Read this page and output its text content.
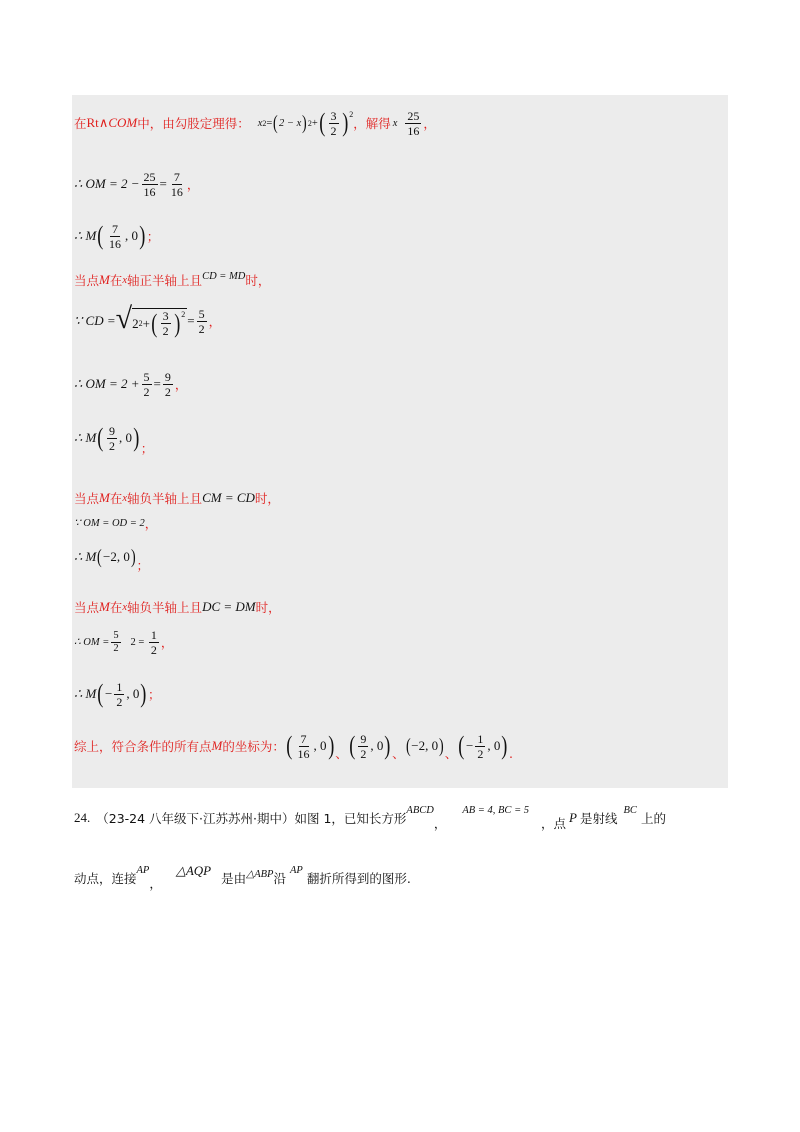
在 Rt ∧ COM 中，由勾股定理得： x 2 = ( 2 − x ) 2 + ( $\frac{3}{2}$ ) 2
，解得 x $\frac{25}{16}$ ，
∴ OM = $2 - \frac{25}{16} = \frac{7}{16}$ ，
∴ M ( $\frac{7}{16}$ , 0 ) ；
当点 M 在 x 轴正半轴上且 CD = MD 时，
∵ CD = √ 2 2 + ( $\frac{3}{2}$ ) $2 = \frac{5}{2}$ ，
∴ OM = $2 + \frac{5}{2} = \frac{9}{2}$ ，
∴ M ( $\frac{9}{2}$ , 0 ) ；
当点 M 在 x 轴负半轴上且 CM = CD 时，
∵ OM = OD = 2 ，
∴ M ( −2, 0 ) ；
当点 M 在 x 轴负半轴上且 DC = DM 时，
∴ OM = $\frac{5}{2} 2 = \frac{1}{2}$ ，
∴ M ( − $\frac{1}{2}$ , 0 ) ；
综上，符合条件的所有点 M 的坐标为： ( $\frac{7}{16}$ , 0 ) 、 ( $\frac{9}{2}$ , 0 ) 、 ( −2, 0 ) 、 ( − $\frac{1}{2}$ , 0 ) .
24. （23-24 八年级下·江苏苏州·期中）如图 1，已知长方形
ABCD
，
AB = 4, BC = 5
，点 P 是射线
BC
上的
动点，连接
AP
，
△AQP
是由 △ABP 沿
AP
翻折所得到的图形.
